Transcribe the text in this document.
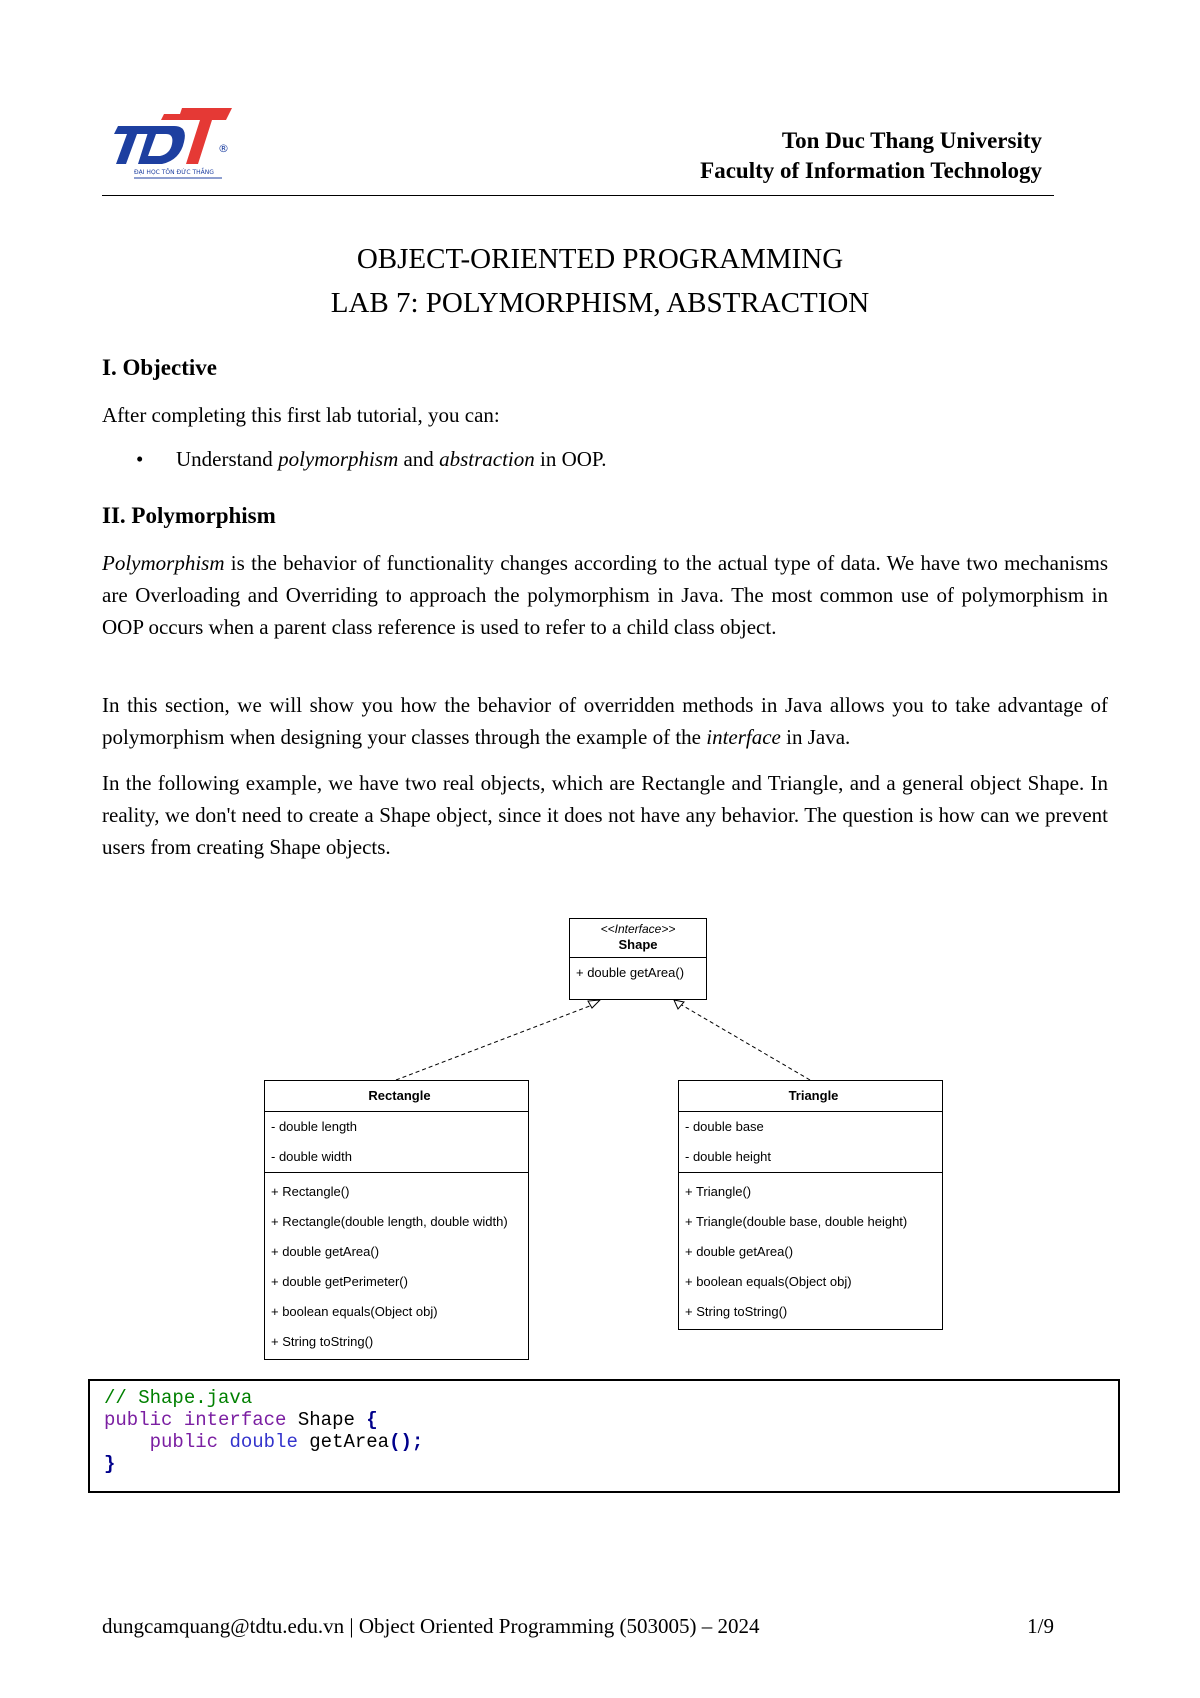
®
ĐẠI HỌC TÔN ĐỨC THẮNG
Ton Duc Thang University
Faculty of Information Technology
OBJECT-ORIENTED PROGRAMMING
LAB 7: POLYMORPHISM, ABSTRACTION
I. Objective
After completing this first lab tutorial, you can:
• Understand polymorphism and abstraction in OOP.
II. Polymorphism
Polymorphism is the behavior of functionality changes according to the actual type of data. We have two mechanisms are Overloading and Overriding to approach the polymorphism in Java. The most common use of polymorphism in OOP occurs when a parent class reference is used to refer to a child class object.
In this section, we will show you how the behavior of overridden methods in Java allows you to take advantage of polymorphism when designing your classes through the example of the interface in Java.
In the following example, we have two real objects, which are Rectangle and Triangle, and a general object Shape. In reality, we don't need to create a Shape object, since it does not have any behavior. The question is how can we prevent users from creating Shape objects.
<<Interface>>
Shape
+ double getArea()
Rectangle
- double length
- double width
+ Rectangle()
+ Rectangle(double length, double width)
+ double getArea()
+ double getPerimeter()
+ boolean equals(Object obj)
+ String toString()
Triangle
- double base
- double height
+ Triangle()
+ Triangle(double base, double height)
+ double getArea()
+ boolean equals(Object obj)
+ String toString()
// Shape.java
public interface Shape {
public double getArea();
}
dungcamquang@tdtu.edu.vn | Object Oriented Programming (503005) – 2024	1/9
